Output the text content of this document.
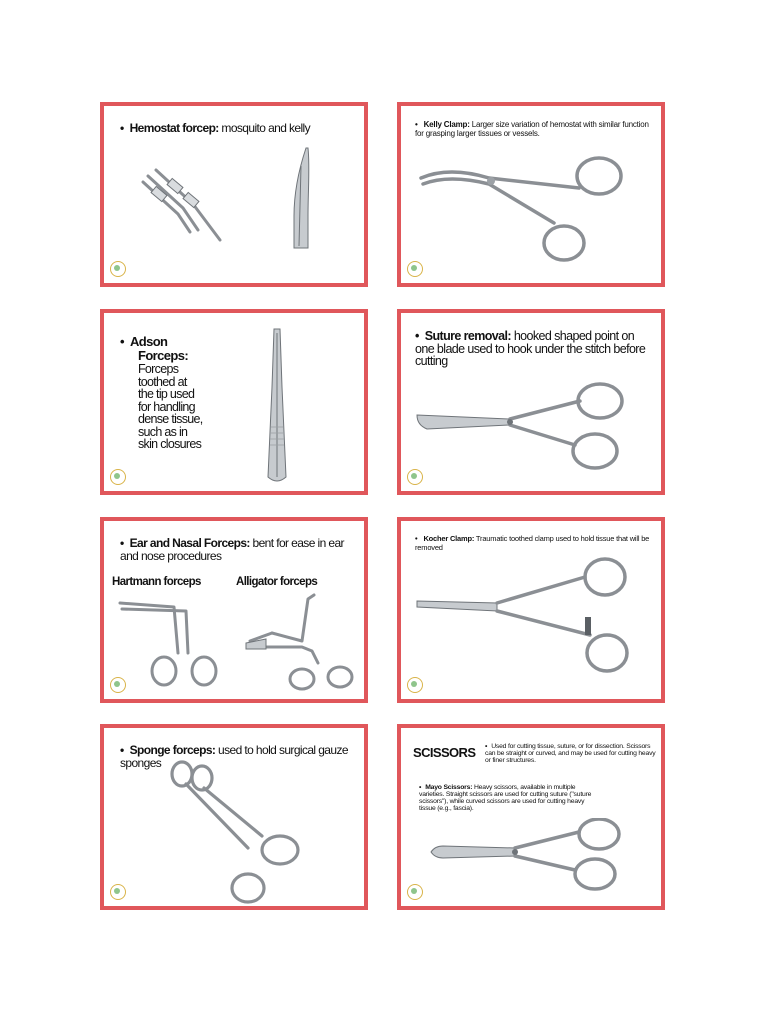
• Hemostat forcep: mosquito and kelly	• Kelly Clamp: Larger size variation of hemostat with similar function for grasping larger tissues or vessels.
• Adson
Forceps:
Forceps
toothed at
the tip used
for handling
dense tissue,
such as in
skin closures
• Suture removal: hooked shaped point on one blade used to hook under the stitch before cutting
• Ear and Nasal Forceps: bent for ease in ear and nose procedures
Hartmann forceps	Alligator forceps
• Kocher Clamp: Traumatic toothed clamp used to hold tissue that will be removed
• Sponge forceps: used to hold surgical gauze sponges
SCISSORS • Used for cutting tissue, suture, or for dissection. Scissors can be straight or curved, and may be used for cutting heavy or finer structures.
• Mayo Scissors: Heavy scissors, available in multiple varieties. Straight scissors are used for cutting suture ("suture scissors"), while curved scissors are used for cutting heavy tissue (e.g., fascia).
